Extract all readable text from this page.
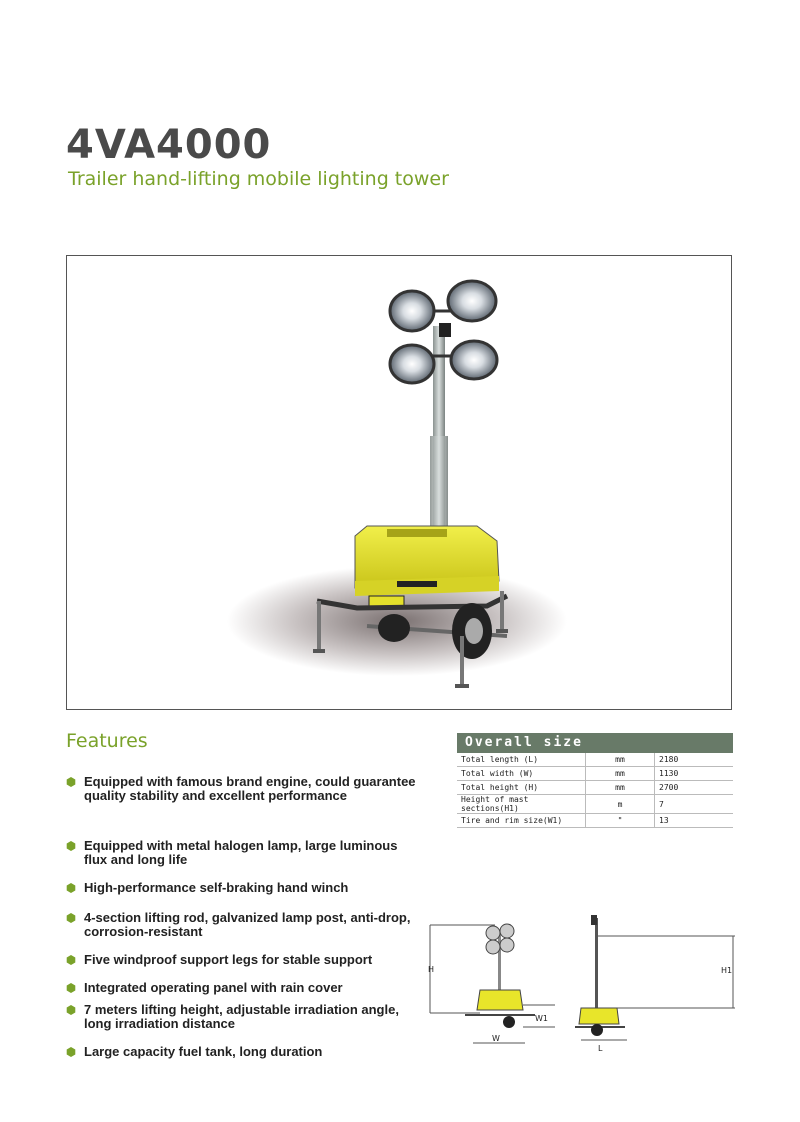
4VA4000
Trailer hand-lifting mobile lighting tower
Features
Equipped with famous brand engine, could guarantee quality stability and excellent performance
Equipped with metal halogen lamp, large luminous flux and long life
High-performance self-braking hand winch
4-section lifting rod, galvanized lamp post, anti-drop, corrosion-resistant
Five windproof support legs for stable support
Integrated operating panel with rain cover
7 meters lifting height, adjustable irradiation angle, long irradiation distance
Large capacity fuel tank, long duration
Overall size
Total length (L)	mm	2180
Total width (W)	mm	1130
Total height (H)	mm	2700
Height of mast sections(H1)	m	7
Tire and rim size(W1)	"	13
H
W1
W
H1
L
